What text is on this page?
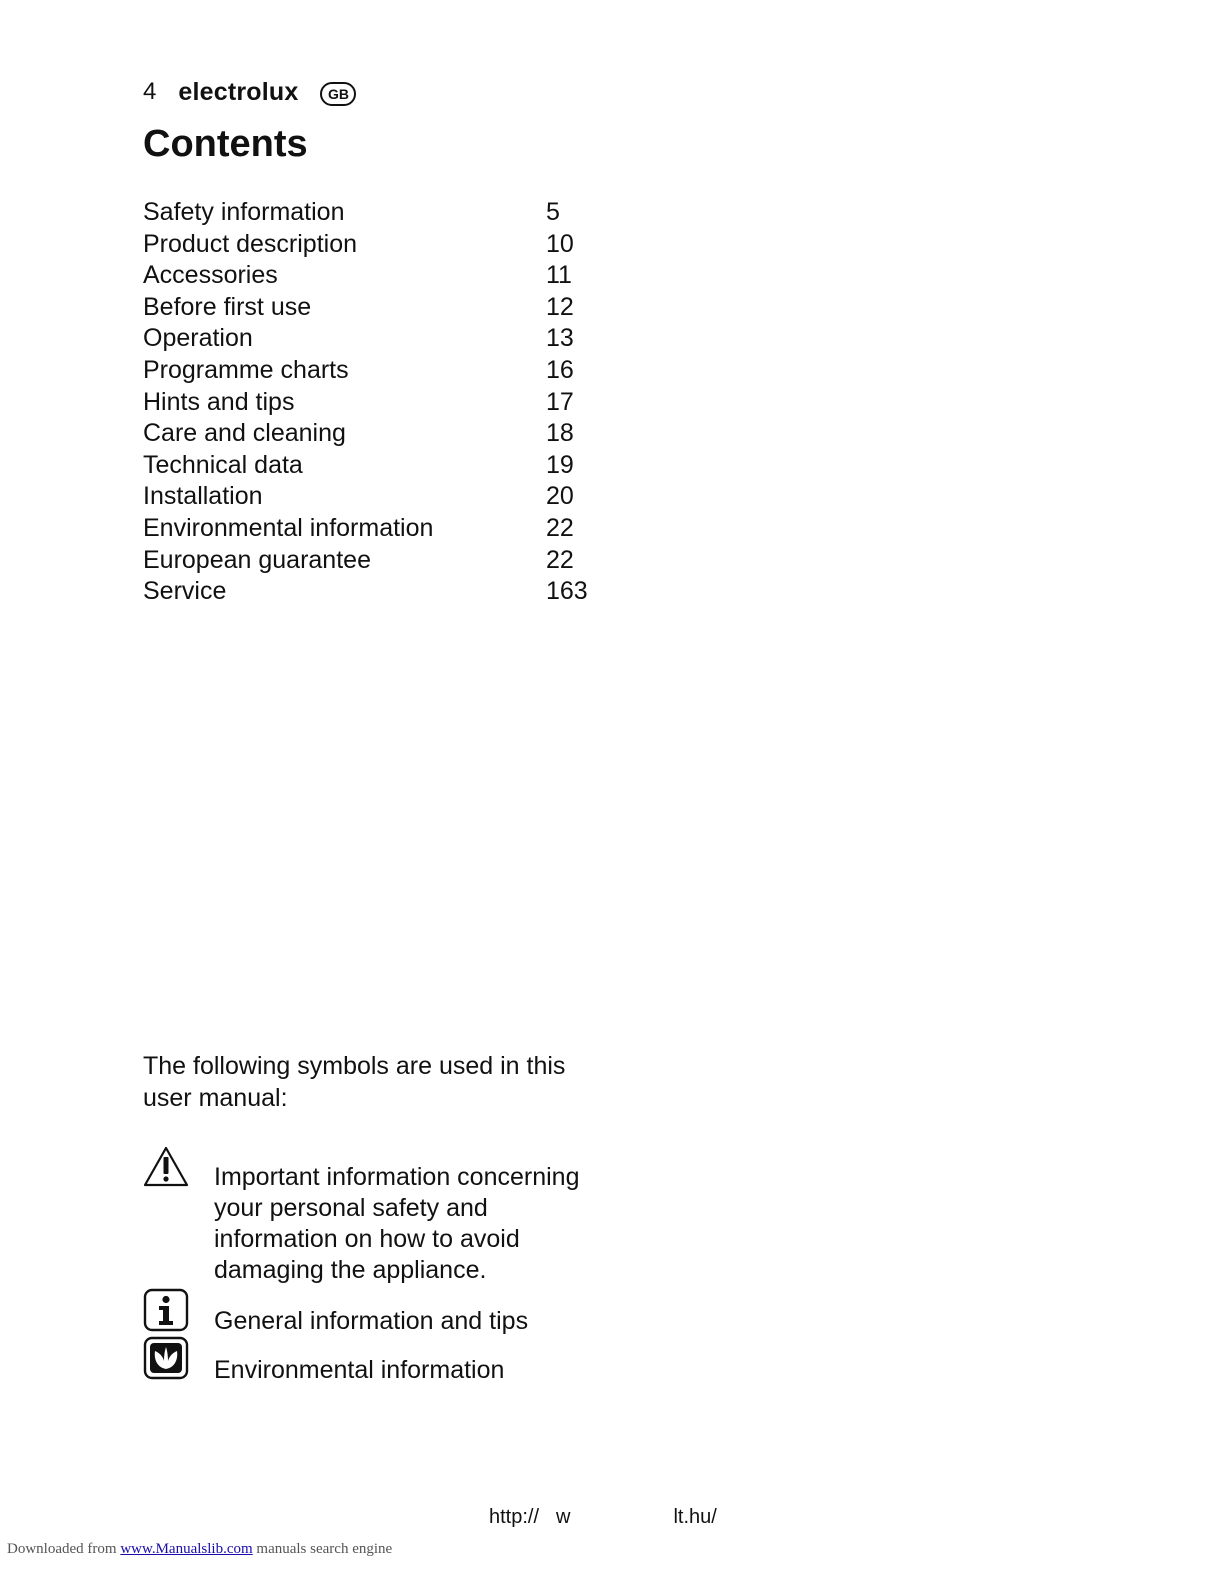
4 electrolux	GB
Contents
Safety information	5
Product description	10
Accessories	11
Before first use	12
Operation	13
Programme charts	16
Hints and tips	17
Care and cleaning	18
Technical data	19
Installation	20
Environmental information	22
European guarantee	22
Service	163

The following symbols are used in this
user manual:

Important information concerning
your personal safety and
information on how to avoid
damaging the appliance.
General information and tips
Environmental information
http:// w	lt.hu/
Downloaded from www.Manualslib.com manuals search engine
